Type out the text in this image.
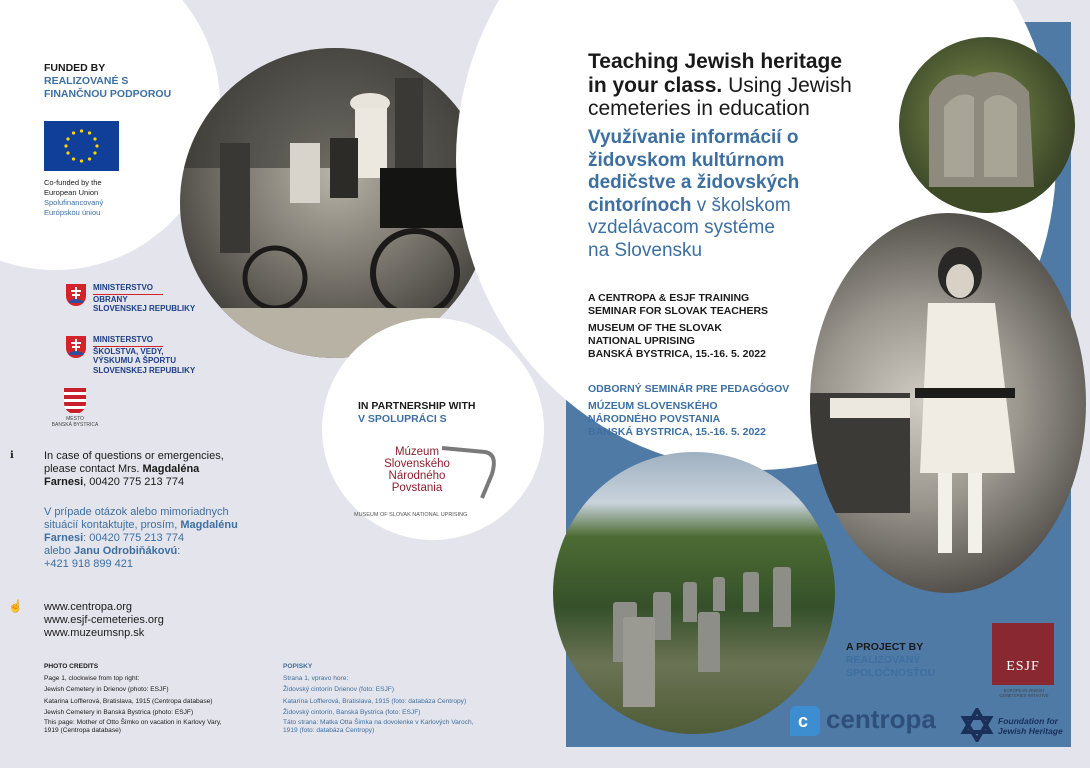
FUNDED BY
REALIZOVANÉ S
FINANČNOU PODPOROU
Co-funded by the
European Union
Spolufinancovaný
Európskou úniou
MINISTERSTVO
OBRANY
SLOVENSKEJ REPUBLIKY
MINISTERSTVO
ŠKOLSTVA, VEDY,
VÝSKUMU A ŠPORTU
SLOVENSKEJ REPUBLIKY
MESTO
BANSKÁ BYSTRICA
ℹ	In case of questions or emergencies,
please contact Mrs. Magdaléna
Farnesi, 00420 775 213 774
V prípade otázok alebo mimoriadnych
situácií kontaktujte, prosím, Magdalénu
Farnesi: 00420 775 213 774
alebo Janu Odrobiňákovú:
+421 918 899 421
☝ www.centropa.org
www.esjf-cemeteries.org
www.muzeumsnp.sk
PHOTO CREDITS
Page 1, clockwise from top right:
Jewish Cemetery in Drienov (photo: ESJF)
Katarina Lofflerová, Bratislava, 1915 (Centropa database)
Jewish Cemetery in Banská Bystrica (photo: ESJF)
This page: Mother of Otto Šimko on vacation in Karlovy Vary,
1919 (Centropa database)
POPISKY
Strana 1, vpravo hore:
Židovský cintorín Drienov (foto: ESJF)
Katarína Lofflerová, Bratislava, 1915 (foto: databáza Centropy)
Židovský cintorín, Banská Bystrica (foto: ESJF)
Táto strana: Matka Otta Šimka na dovolenke v Karlových Varoch,
1919 (foto: databáza Centropy)
IN PARTNERSHIP WITH
V SPOLUPRÁCI S
Múzeum
Slovenského
Národného
Povstania
MUSEUM OF SLOVAK NATIONAL UPRISING
Teaching Jewish heritage
in your class. Using Jewish
cemeteries in education
Využívanie informácií o
židovskom kultúrnom
dedičstve a židovských
cintorínoch v školskom
vzdelávacom systéme
na Slovensku
A CENTROPA & ESJF TRAINING
SEMINAR FOR SLOVAK TEACHERS
MUSEUM OF THE SLOVAK
NATIONAL UPRISING
BANSKÁ BYSTRICA, 15.-16. 5. 2022
ODBORNÝ SEMINÁR PRE PEDAGÓGOV
MÚZEUM SLOVENSKÉHO
NÁRODNÉHO POVSTANIA
BANSKÁ BYSTRICA, 15.-16. 5. 2022
A PROJECT BY
REALIZOVANÝ
SPOLOČNOSŤOU	ESJF
EUROPEAN JEWISH
CEMETERIES INITIATIVE
c centropa	Foundation for
Jewish Heritage
